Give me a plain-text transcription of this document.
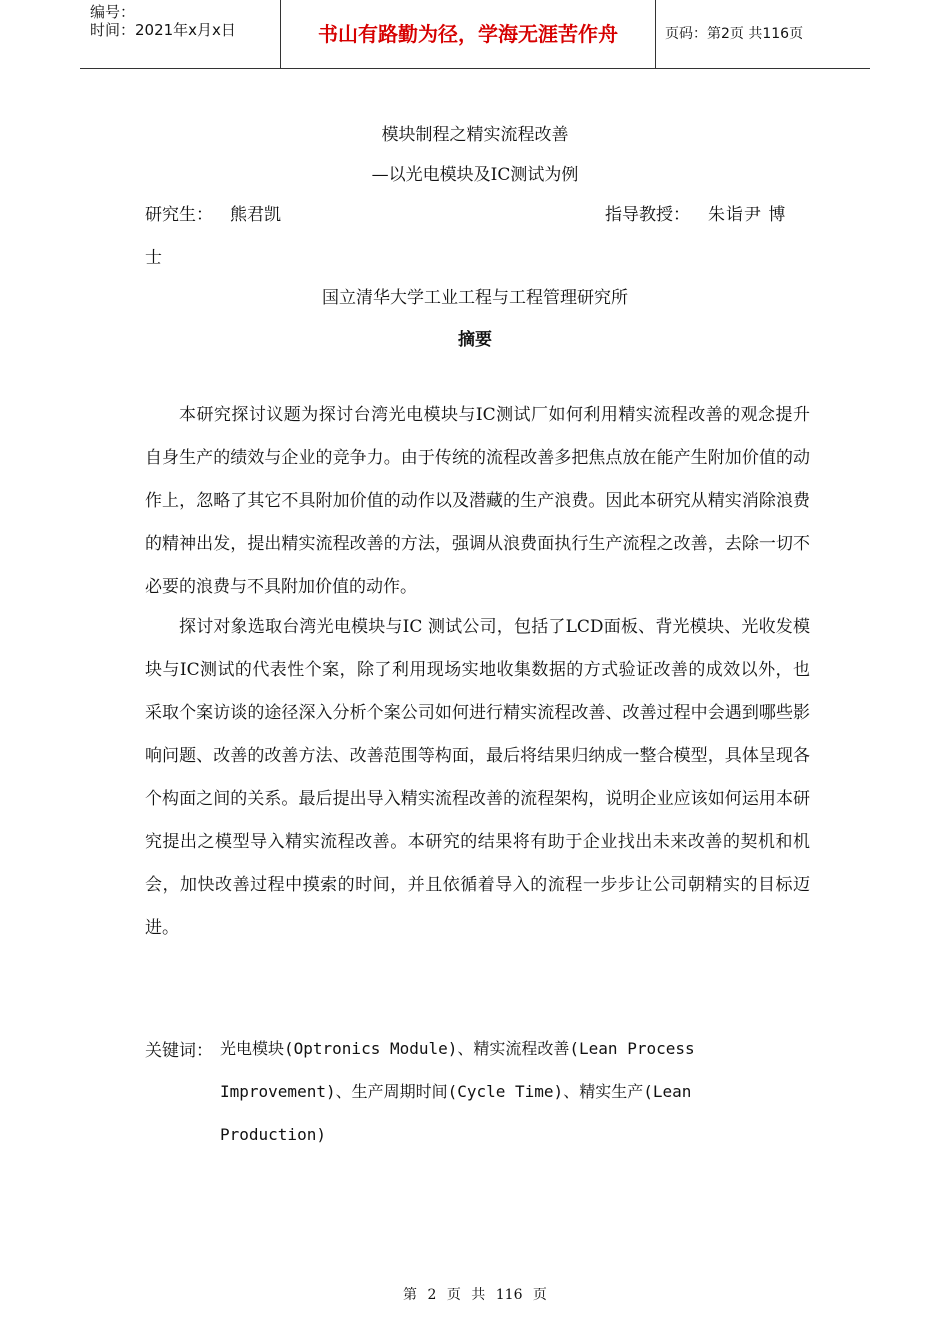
编号：
时间：2021年x月x日	书山有路勤为径，学海无涯苦作舟	页码：第2页 共116页
模块制程之精实流程改善
—以光电模块及IC测试为例
研究生： 熊君凯	指导教授： 朱诣尹 博
士
国立清华大学工业工程与工程管理研究所
摘要

本研究探讨议题为探讨台湾光电模块与IC测试厂如何利用精实流程改善的观念提升自身生产的绩效与企业的竞争力。由于传统的流程改善多把焦点放在能产生附加价值的动作上，忽略了其它不具附加价值的动作以及潜藏的生产浪费。因此本研究从精实消除浪费的精神出发，提出精实流程改善的方法，强调从浪费面执行生产流程之改善，去除一切不必要的浪费与不具附加价值的动作。

探讨对象选取台湾光电模块与IC 测试公司，包括了LCD面板、背光模块、光收发模块与IC测试的代表性个案，除了利用现场实地收集数据的方式验证改善的成效以外，也采取个案访谈的途径深入分析个案公司如何进行精实流程改善、改善过程中会遇到哪些影响问题、改善的改善方法、改善范围等构面，最后将结果归纳成一整合模型，具体呈现各个构面之间的关系。最后提出导入精实流程改善的流程架构，说明企业应该如何运用本研究提出之模型导入精实流程改善。本研究的结果将有助于企业找出未来改善的契机和机会，加快改善过程中摸索的时间，并且依循着导入的流程一步步让公司朝精实的目标迈进。

关键词： 光电模块(Optronics Module)、精实流程改善(Lean Process
Improvement)、生产周期时间(Cycle Time)、精实生产(Lean
Production)
第 2 页 共 116 页
